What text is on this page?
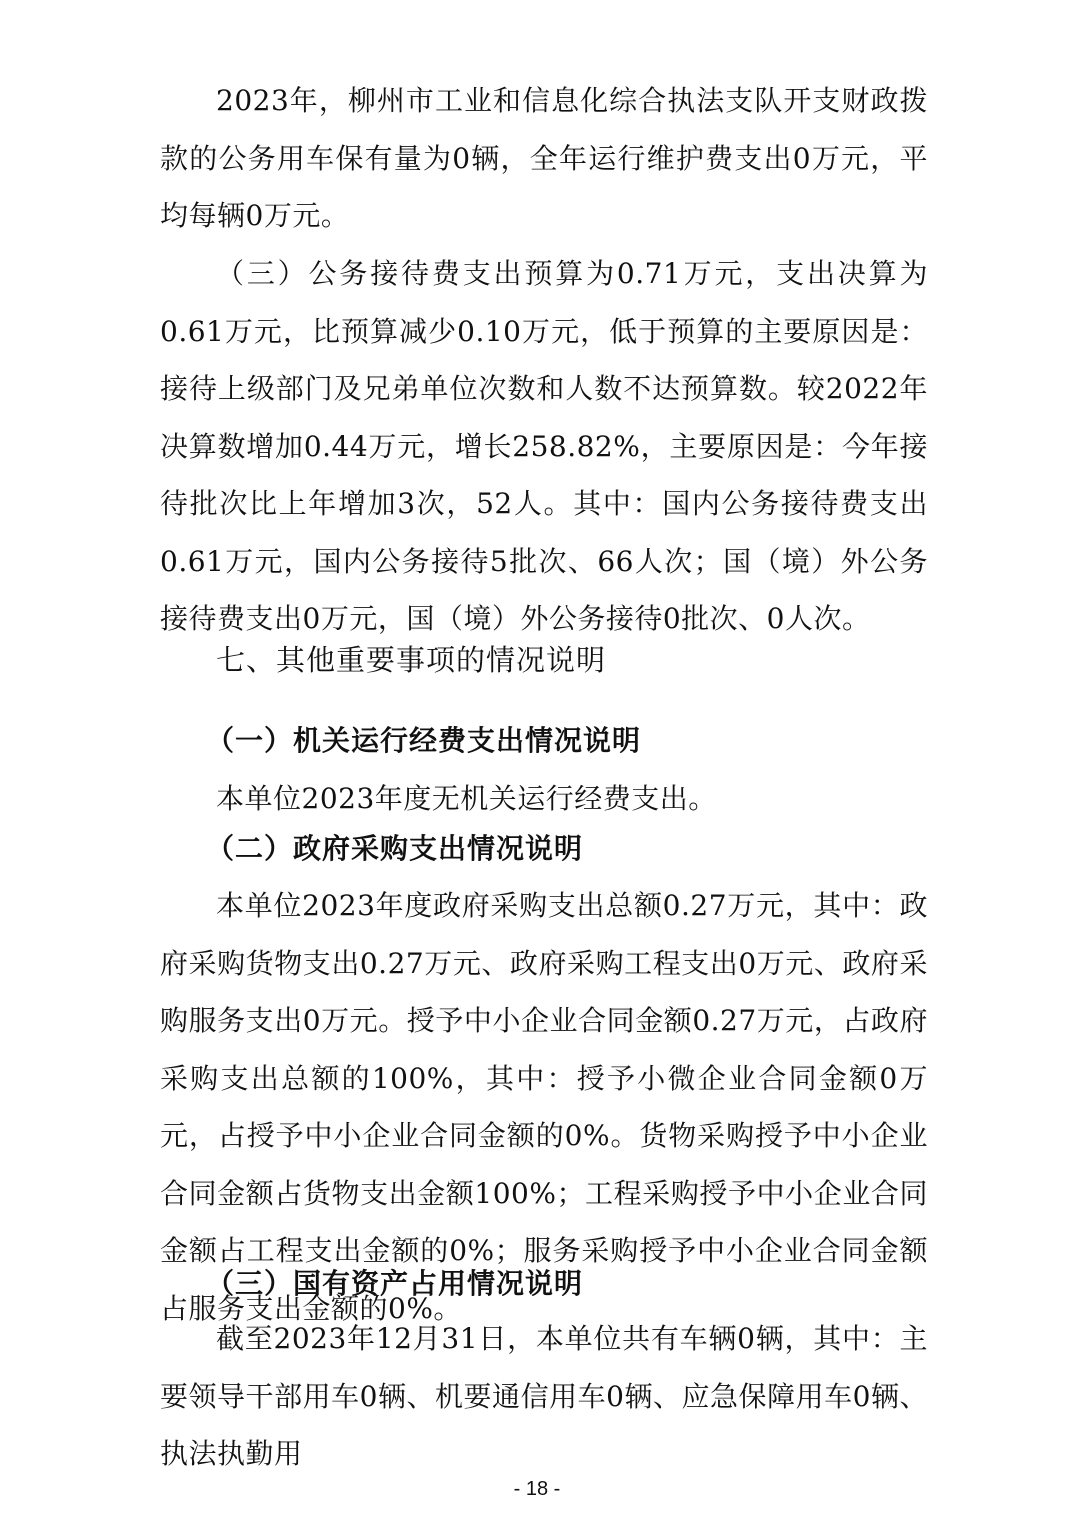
2023年，柳州市工业和信息化综合执法支队开支财政拨款的公务用车保有量为0辆，全年运行维护费支出0万元，平均每辆0万元。

（三）公务接待费支出预算为0.71万元，支出决算为0.61万元，比预算减少0.10万元，低于预算的主要原因是：接待上级部门及兄弟单位次数和人数不达预算数。较2022年决算数增加0.44万元，增长258.82%，主要原因是：今年接待批次比上年增加3次，52人。其中：国内公务接待费支出0.61万元，国内公务接待5批次、66人次；国（境）外公务接待费支出0万元，国（境）外公务接待0批次、0人次。

七、其他重要事项的情况说明
（一）机关运行经费支出情况说明

本单位2023年度无机关运行经费支出。

（二）政府采购支出情况说明

本单位2023年度政府采购支出总额0.27万元，其中：政府采购货物支出0.27万元、政府采购工程支出0万元、政府采购服务支出0万元。授予中小企业合同金额0.27万元，占政府采购支出总额的100%，其中：授予小微企业合同金额0万元，占授予中小企业合同金额的0%。货物采购授予中小企业合同金额占货物支出金额100%；工程采购授予中小企业合同金额占工程支出金额的0%；服务采购授予中小企业合同金额占服务支出金额的0%。

（三）国有资产占用情况说明

截至2023年12月31日，本单位共有车辆0辆，其中：主要领导干部用车0辆、机要通信用车0辆、应急保障用车0辆、执法执勤用

- 18 -
